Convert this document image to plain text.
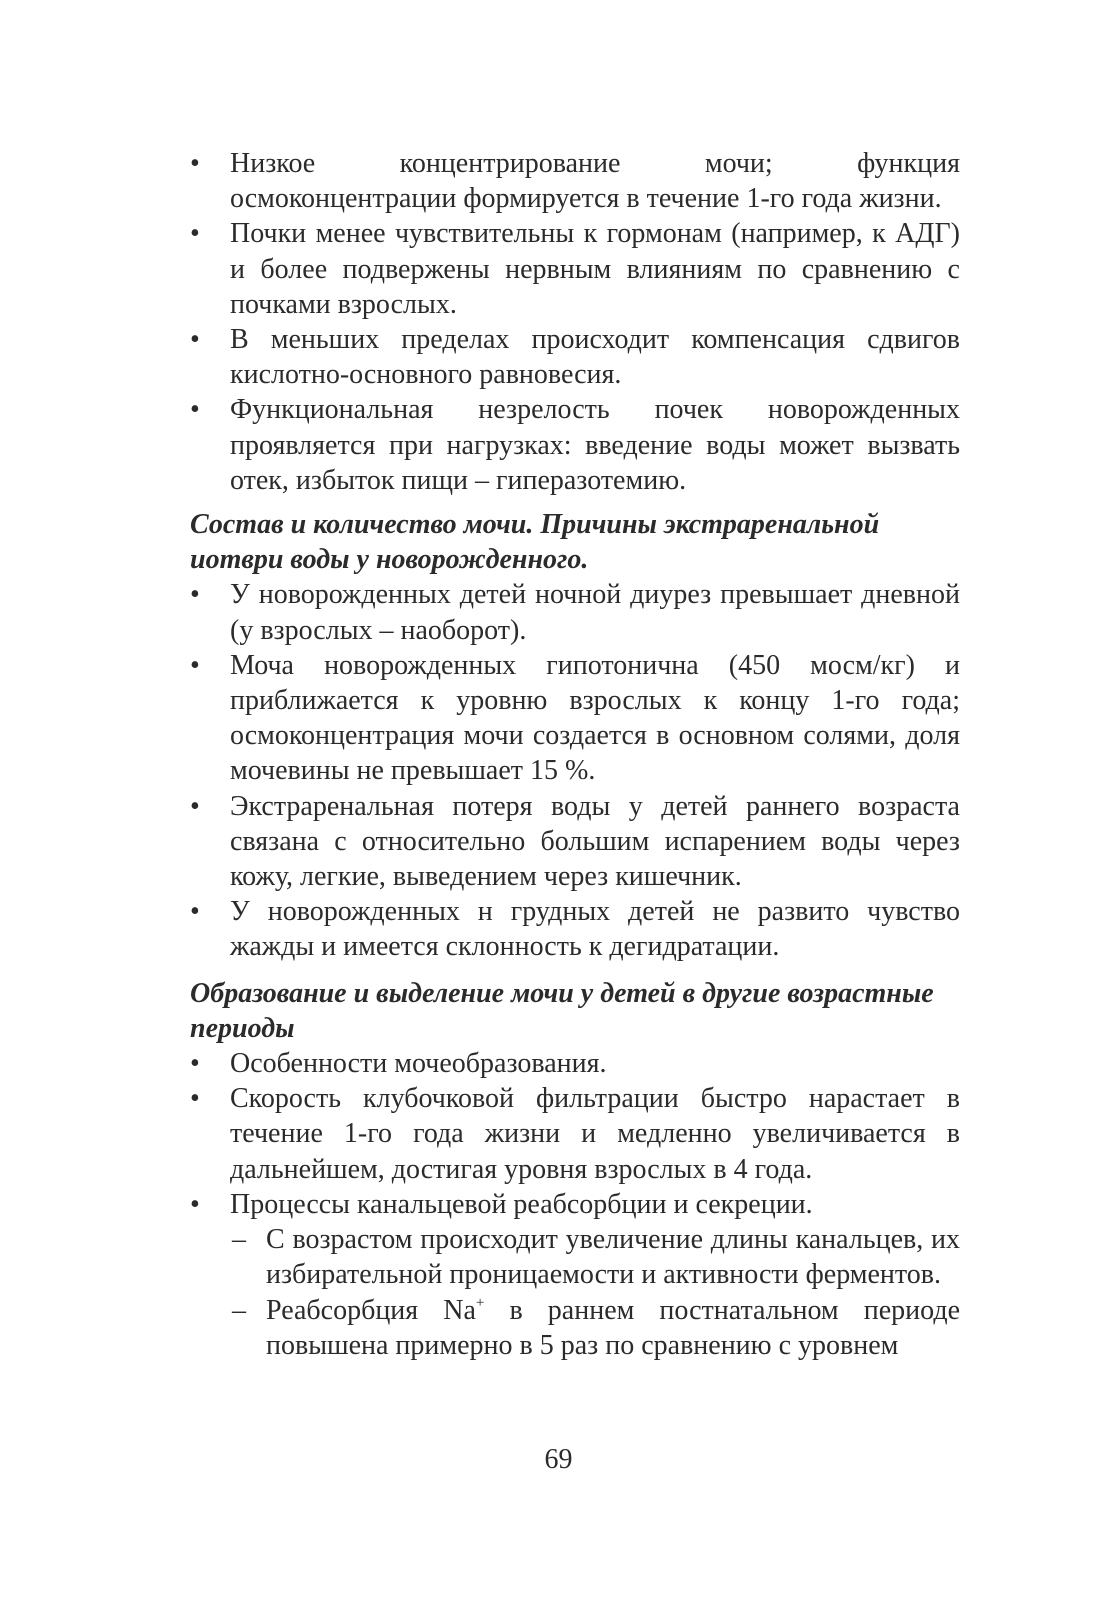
•	Низкое концентрирование мочи; функция осмоконцентрации формируется в течение 1-го года жизни.
•	Почки менее чувствительны к гормонам (например, к АДГ) и более подвержены нервным влияниям по сравнению с почками взрослых.
•	В меньших пределах происходит компенсация сдвигов кислотно-основного равновесия.
•	Функциональная незрелость почек новорожденных проявляется при нагрузках: введение воды может вызвать отек, избыток пищи – гиперазотемию.
Состав и количество мочи. Причины экстраренальной иотври воды у новорожденного.
•	У новорожденных детей ночной диурез превышает дневной (у взрослых – наоборот).
•	Моча новорожденных гипотонична (450 мосм/кг) и приближается к уровню взрослых к концу 1-го года; осмоконцентрация мочи создается в основном солями, доля мочевины не превышает 15 %.
•	Экстраренальная потеря воды у детей раннего возраста связана с относительно большим испарением воды через кожу, легкие, выведением через кишечник.
•	У новорожденных н грудных детей не развито чувство жажды и имеется склонность к дегидратации.
Образование и выделение мочи у детей в другие возрастные периоды
•	Особенности мочеобразования.
•	Скорость клубочковой фильтрации быстро нарастает в течение 1-го года жизни и медленно увеличивается в дальнейшем, достигая уровня взрослых в 4 года.
•	Процессы канальцевой реабсорбции и секреции.
– С возрастом происходит увеличение длины канальцев, их избирательной проницаемости и активности ферментов.
– Реабсорбция Na+ в раннем постнатальном периоде повышена примерно в 5 раз по сравнению с уровнем
69
